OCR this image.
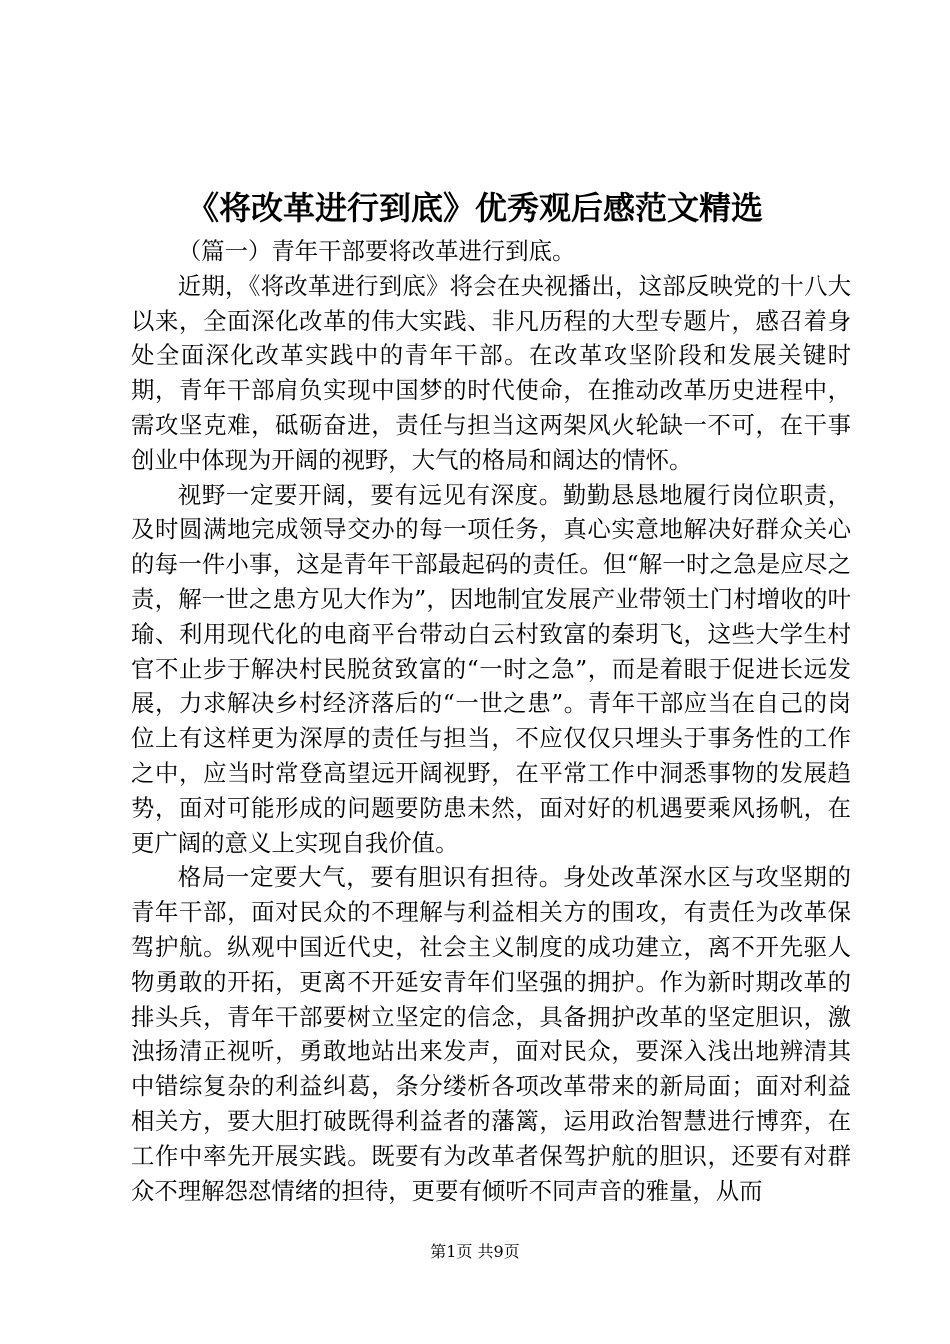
《将改革进行到底》优秀观后感范文精选

（篇一）青年干部要将改革进行到底。

近期，《将改革进行到底》将会在央视播出，这部反映党的十八大以来，全面深化改革的伟大实践、非凡历程的大型专题片，感召着身处全面深化改革实践中的青年干部。在改革攻坚阶段和发展关键时期，青年干部肩负实现中国梦的时代使命，在推动改革历史进程中，需攻坚克难，砥砺奋进，责任与担当这两架风火轮缺一不可，在干事创业中体现为开阔的视野，大气的格局和阔达的情怀。

视野一定要开阔，要有远见有深度。勤勤恳恳地履行岗位职责，及时圆满地完成领导交办的每一项任务，真心实意地解决好群众关心的每一件小事，这是青年干部最起码的责任。但“解一时之急是应尽之责，解一世之患方见大作为”，因地制宜发展产业带领土门村增收的叶瑜、利用现代化的电商平台带动白云村致富的秦玥飞，这些大学生村官不止步于解决村民脱贫致富的“一时之急”，而是着眼于促进长远发展，力求解决乡村经济落后的“一世之患”。青年干部应当在自己的岗位上有这样更为深厚的责任与担当，不应仅仅只埋头于事务性的工作之中，应当时常登高望远开阔视野，在平常工作中洞悉事物的发展趋势，面对可能形成的问题要防患未然，面对好的机遇要乘风扬帆，在更广阔的意义上实现自我价值。

格局一定要大气，要有胆识有担待。身处改革深水区与攻坚期的青年干部，面对民众的不理解与利益相关方的围攻，有责任为改革保驾护航。纵观中国近代史，社会主义制度的成功建立，离不开先驱人物勇敢的开拓，更离不开延安青年们坚强的拥护。作为新时期改革的排头兵，青年干部要树立坚定的信念，具备拥护改革的坚定胆识，激浊扬清正视听，勇敢地站出来发声，面对民众，要深入浅出地辨清其中错综复杂的利益纠葛，条分缕析各项改革带来的新局面；面对利益相关方，要大胆打破既得利益者的藩篱，运用政治智慧进行博弈，在工作中率先开展实践。既要有为改革者保驾护航的胆识，还要有对群众不理解怨怼情绪的担待，更要有倾听不同声音的雅量，从而

第1页 共9页
